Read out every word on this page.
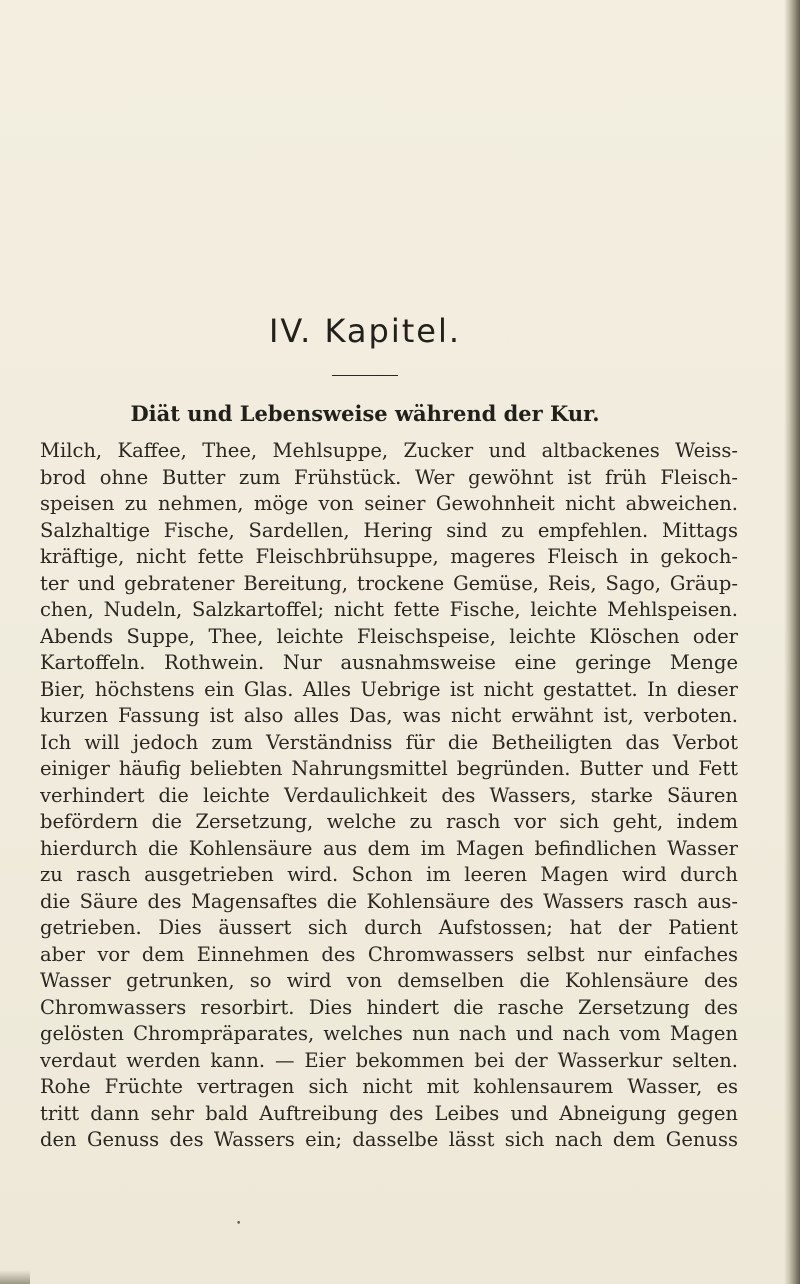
IV. Kapitel.
Diät und Lebensweise während der Kur.
Milch, Kaffee, Thee, Mehlsuppe, Zucker und altbackenes Weiss-
brod ohne Butter zum Frühstück. Wer gewöhnt ist früh Fleisch-
speisen zu nehmen, möge von seiner Gewohnheit nicht abweichen.
Salzhaltige Fische, Sardellen, Hering sind zu empfehlen. Mittags
kräftige, nicht fette Fleischbrühsuppe, mageres Fleisch in gekoch-
ter und gebratener Bereitung, trockene Gemüse, Reis, Sago, Gräup-
chen, Nudeln, Salzkartoffel; nicht fette Fische, leichte Mehlspeisen.
Abends Suppe, Thee, leichte Fleischspeise, leichte Klöschen oder
Kartoffeln. Rothwein. Nur ausnahmsweise eine geringe Menge
Bier, höchstens ein Glas. Alles Uebrige ist nicht gestattet. In dieser
kurzen Fassung ist also alles Das, was nicht erwähnt ist, verboten.
Ich will jedoch zum Verständniss für die Betheiligten das Verbot
einiger häufig beliebten Nahrungsmittel begründen. Butter und Fett
verhindert die leichte Verdaulichkeit des Wassers, starke Säuren
befördern die Zersetzung, welche zu rasch vor sich geht, indem
hierdurch die Kohlensäure aus dem im Magen befindlichen Wasser
zu rasch ausgetrieben wird. Schon im leeren Magen wird durch
die Säure des Magensaftes die Kohlensäure des Wassers rasch aus-
getrieben. Dies äussert sich durch Aufstossen; hat der Patient
aber vor dem Einnehmen des Chromwassers selbst nur einfaches
Wasser getrunken, so wird von demselben die Kohlensäure des
Chromwassers resorbirt. Dies hindert die rasche Zersetzung des
gelösten Chrompräparates, welches nun nach und nach vom Magen
verdaut werden kann. — Eier bekommen bei der Wasserkur selten.
Rohe Früchte vertragen sich nicht mit kohlensaurem Wasser, es
tritt dann sehr bald Auftreibung des Leibes und Abneigung gegen
den Genuss des Wassers ein; dasselbe lässt sich nach dem Genuss
•
